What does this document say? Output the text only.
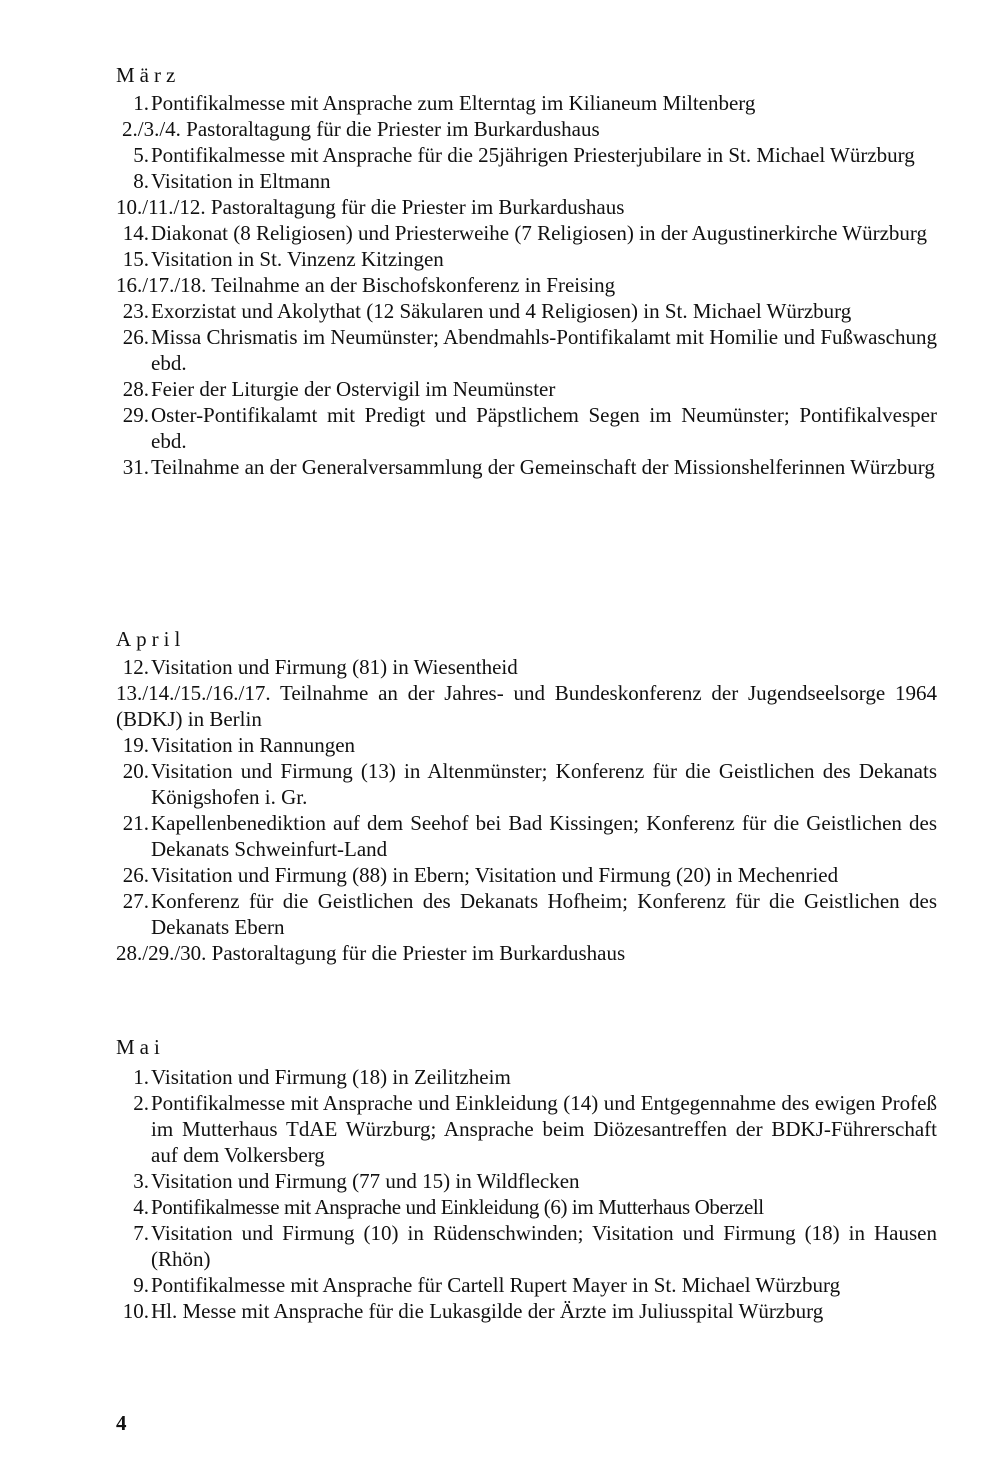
März
1. Pontifikalmesse mit Ansprache zum Elterntag im Kilianeum Miltenberg
2./3./4. Pastoraltagung für die Priester im Burkardushaus
5. Pontifikalmesse mit Ansprache für die 25jährigen Priesterjubilare in St. Michael Würzburg
8. Visitation in Eltmann
10./11./12. Pastoraltagung für die Priester im Burkardushaus
14. Diakonat (8 Religiosen) und Priesterweihe (7 Religiosen) in der Augustinerkirche Würzburg
15. Visitation in St. Vinzenz Kitzingen
16./17./18. Teilnahme an der Bischofskonferenz in Freising
23. Exorzistat und Akolythat (12 Säkularen und 4 Religiosen) in St. Michael Würzburg
26. Missa Chrismatis im Neumünster; Abendmahls-Pontifikalamt mit Homilie und Fußwaschung ebd.
28. Feier der Liturgie der Ostervigil im Neumünster
29. Oster-Pontifikalamt mit Predigt und Päpstlichem Segen im Neumünster; Pontifikalvesper ebd.
31. Teilnahme an der Generalversammlung der Gemeinschaft der Missionshelferinnen Würzburg
April
12. Visitation und Firmung (81) in Wiesentheid
13./14./15./16./17. Teilnahme an der Jahres- und Bundeskonferenz der Jugendseelsorge 1964 (BDKJ) in Berlin
19. Visitation in Rannungen
20. Visitation und Firmung (13) in Altenmünster; Konferenz für die Geistlichen des Dekanats Königshofen i. Gr.
21. Kapellenbenediktion auf dem Seehof bei Bad Kissingen; Konferenz für die Geistlichen des Dekanats Schweinfurt-Land
26. Visitation und Firmung (88) in Ebern; Visitation und Firmung (20) in Mechenried
27. Konferenz für die Geistlichen des Dekanats Hofheim; Konferenz für die Geistlichen des Dekanats Ebern
28./29./30. Pastoraltagung für die Priester im Burkardushaus
Mai
1. Visitation und Firmung (18) in Zeilitzheim
2. Pontifikalmesse mit Ansprache und Einkleidung (14) und Entgegennahme des ewigen Profeß im Mutterhaus TdAE Würzburg; Ansprache beim Diözesantreffen der BDKJ-Führerschaft auf dem Volkersberg
3. Visitation und Firmung (77 und 15) in Wildflecken
4. Pontifikalmesse mit Ansprache und Einkleidung (6) im Mutterhaus Oberzell
7. Visitation und Firmung (10) in Rüdenschwinden; Visitation und Firmung (18) in Hausen (Rhön)
9. Pontifikalmesse mit Ansprache für Cartell Rupert Mayer in St. Michael Würzburg
10. Hl. Messe mit Ansprache für die Lukasgilde der Ärzte im Juliusspital Würzburg
4
